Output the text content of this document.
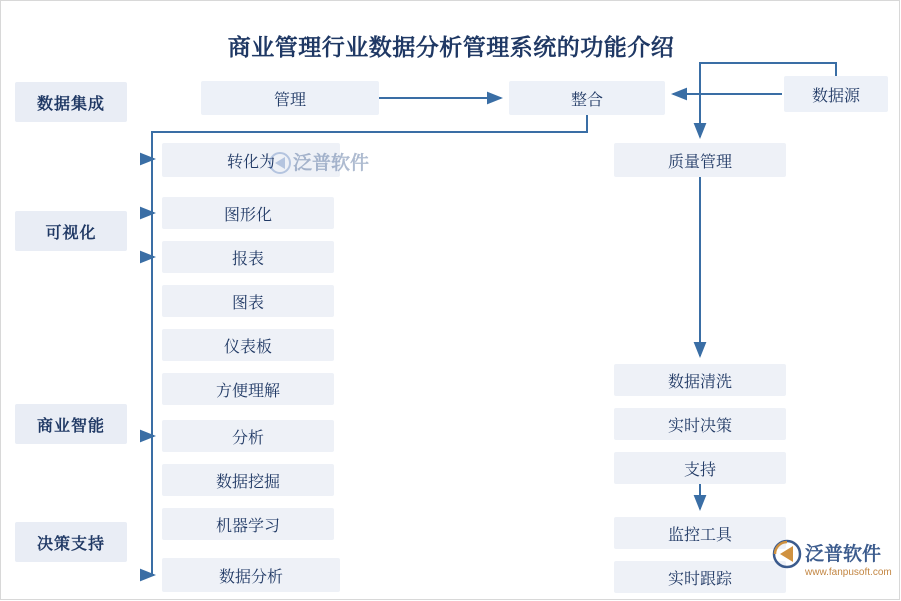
商业管理行业数据分析管理系统的功能介绍
数据集成
可视化
商业智能
决策支持
管理	整合	数据源
转化为
图形化
报表
图表
仪表板
方便理解
分析
数据挖掘
机器学习
数据分析
质量管理
数据清洗
实时决策
支持
监控工具
实时跟踪
泛普软件
泛普软件
www.fanpusoft.com
